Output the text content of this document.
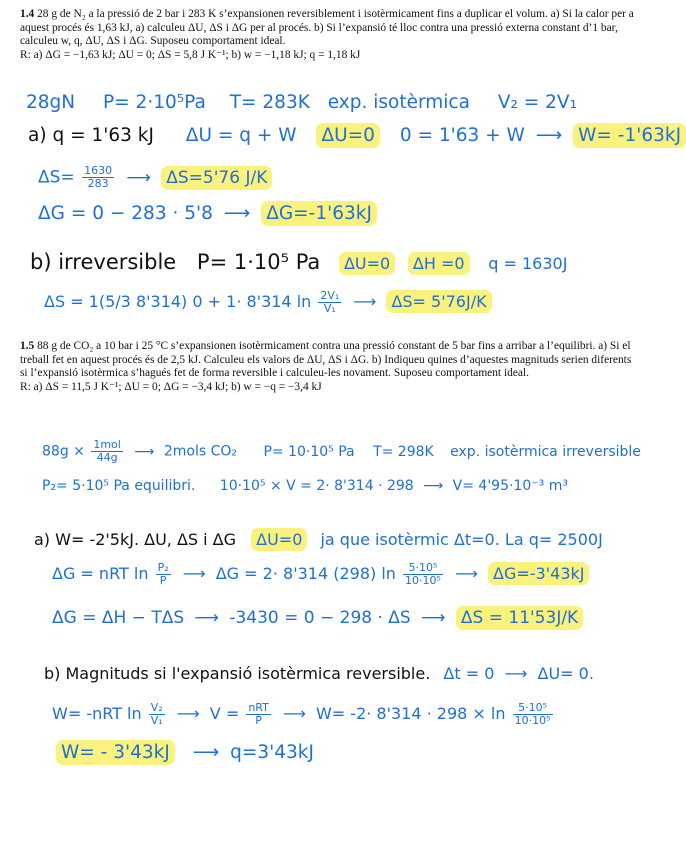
1.4 28 g de N₂ a la pressió de 2 bar i 283 K s’expansionen reversiblement i isotèrmicament fins a duplicar el volum. a) Si la calor per a aquest procés és 1,63 kJ, a) calculeu ΔU, ΔS i ΔG per al procés. b) Si l’expansió té lloc contra una pressió externa constant d’1 bar, calculeu w, q, ΔU, ΔS i ΔG. Suposeu comportament ideal.
R: a) ΔG = −1,63 kJ; ΔU = 0; ΔS = 5,8 J K⁻¹; b) w = −1,18 kJ; q = 1,18 kJ
28gN P= 2·10⁵Pa T= 283K exp. isotèrmica V₂ = 2V₁
a) q = 1'63 kJ ΔU = q + W ΔU=0 0 = 1'63 + W ⟶ W= -1'63kJ
$\Delta S= \frac{1630}{283}$ ⟶ ΔS=5'76 J/K
ΔG = 0 − 283 · 5'8 ⟶ ΔG=-1'63kJ
b) irreversible P= 1·10⁵ Pa ΔU=0 ΔH =0 q = 1630J
ΔS = 1(5/3 8'314) 0 + 1· 8'314 $\ln \frac{\text{2V₁}}{\text{V₁}}$ ⟶ ΔS= 5'76J/K
1.5 88 g de CO₂ a 10 bar i 25 °C s’expansionen isotèrmicament contra una pressió constant de 5 bar fins a arribar a l’equilibri. a) Si el treball fet en aquest procés és de 2,5 kJ. Calculeu els valors de ΔU, ΔS i ΔG. b) Indiqueu quines d’aquestes magnituds serien diferents si l’expansió isotèrmica s’hagués fet de forma reversible i calculeu-les novament. Suposeu comportament ideal.
R: a) ΔS = 11,5 J K⁻¹; ΔU = 0; ΔG = −3,4 kJ; b) w = −q = −3,4 kJ
$88g \times \frac{\text{1mol}}{44g}$ ⟶ 2mols CO₂ P= 10·10⁵ Pa T= 298K exp. isotèrmica irreversible
P₂= 5·10⁵ Pa equilibri. 10·10⁵ × V = 2· 8'314 · 298 ⟶ V= 4'95·10⁻³ m³
a) W= -2'5kJ. ΔU, ΔS i ΔG ΔU=0 ja que isotèrmic Δt=0. La q= 2500J
ΔG = nRT $\ln \frac{\text{P₂}}{P}$ ⟶ ΔG = 2· 8'314 (298) $\ln \frac{\text{5·10⁵}}{\text{10·10⁵}}$ ⟶ ΔG=-3'43kJ
ΔG = ΔH − TΔS ⟶ -3430 = 0 − 298 · ΔS ⟶ ΔS = 11'53J/K
b) Magnituds si l'expansió isotèrmica reversible. Δt = 0 ⟶ ΔU= 0.
W= -nRT $\ln \frac{\text{V₂}}{\text{V₁}}$ ⟶ $V = \frac{\text{nRT}}{P}$ ⟶ $W= -2\cdot 8'314 \cdot 298 \times \ln \frac{\text{5·10⁵}}{\text{10·10⁵}}$
W= - 3'43kJ ⟶ q=3'43kJ
